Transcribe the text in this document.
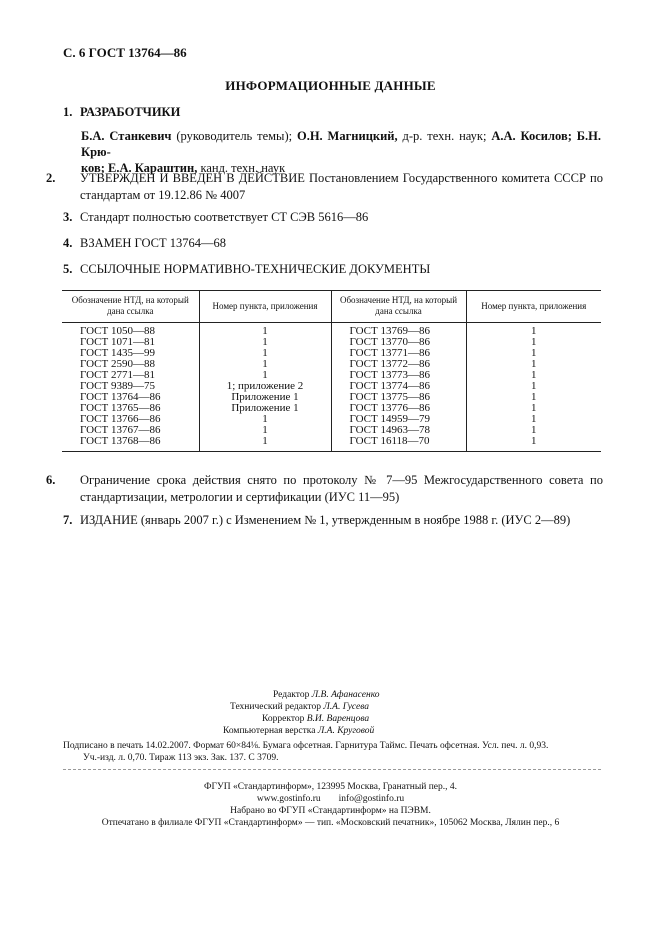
С. 6 ГОСТ 13764—86
ИНФОРМАЦИОННЫЕ ДАННЫЕ
1. РАЗРАБОТЧИКИ
Б.А. Станкевич (руководитель темы); О.Н. Магницкий, д-р. техн. наук; А.А. Косилов; Б.Н. Крю-
ков; Е.А. Караштин, канд. техн. наук
2. УТВЕРЖДЕН И ВВЕДЕН В ДЕЙСТВИЕ Постановлением Государственного комитета СССР по стандартам от 19.12.86 № 4007
3. Стандарт полностью соответствует СТ СЭВ 5616—86
4. ВЗАМЕН ГОСТ 13764—68
5. ССЫЛОЧНЫЕ НОРМАТИВНО-ТЕХНИЧЕСКИЕ ДОКУМЕНТЫ
Обозначение НТД, на который дана ссылка	Номер пункта, приложения	Обозначение НТД, на который дана ссылка	Номер пункта, приложения
ГОСТ 1050—88	1	ГОСТ 13769—86	1
ГОСТ 1071—81	1	ГОСТ 13770—86	1
ГОСТ 1435—99	1	ГОСТ 13771—86	1
ГОСТ 2590—88	1	ГОСТ 13772—86	1
ГОСТ 2771—81	1	ГОСТ 13773—86	1
ГОСТ 9389—75	1; приложение 2	ГОСТ 13774—86	1
ГОСТ 13764—86	Приложение 1	ГОСТ 13775—86	1
ГОСТ 13765—86	Приложение 1	ГОСТ 13776—86	1
ГОСТ 13766—86	1	ГОСТ 14959—79	1
ГОСТ 13767—86	1	ГОСТ 14963—78	1
ГОСТ 13768—86	1	ГОСТ 16118—70	1
6. Ограничение срока действия снято по протоколу № 7—95 Межгосударственного совета по стандартизации, метрологии и сертификации (ИУС 11—95)
7. ИЗДАНИЕ (январь 2007 г.) с Изменением № 1, утвержденным в ноябре 1988 г. (ИУС 2—89)
Редактор Л.В. Афанасенко
Технический редактор Л.А. Гусева
Корректор В.И. Варенцова
Компьютерная верстка Л.А. Круговой
Подписано в печать 14.02.2007. Формат 60×84⅛. Бумага офсетная. Гарнитура Таймс. Печать офсетная. Усл. печ. л. 0,93.
Уч.-изд. л. 0,70. Тираж 113 экз. Зак. 137. С 3709.
ФГУП «Стандартинформ», 123995 Москва, Гранатный пер., 4.
www.gostinfo.ru info@gostinfo.ru
Набрано во ФГУП «Стандартинформ» на ПЭВМ.
Отпечатано в филиале ФГУП «Стандартинформ» — тип. «Московский печатник», 105062 Москва, Лялин пер., 6
